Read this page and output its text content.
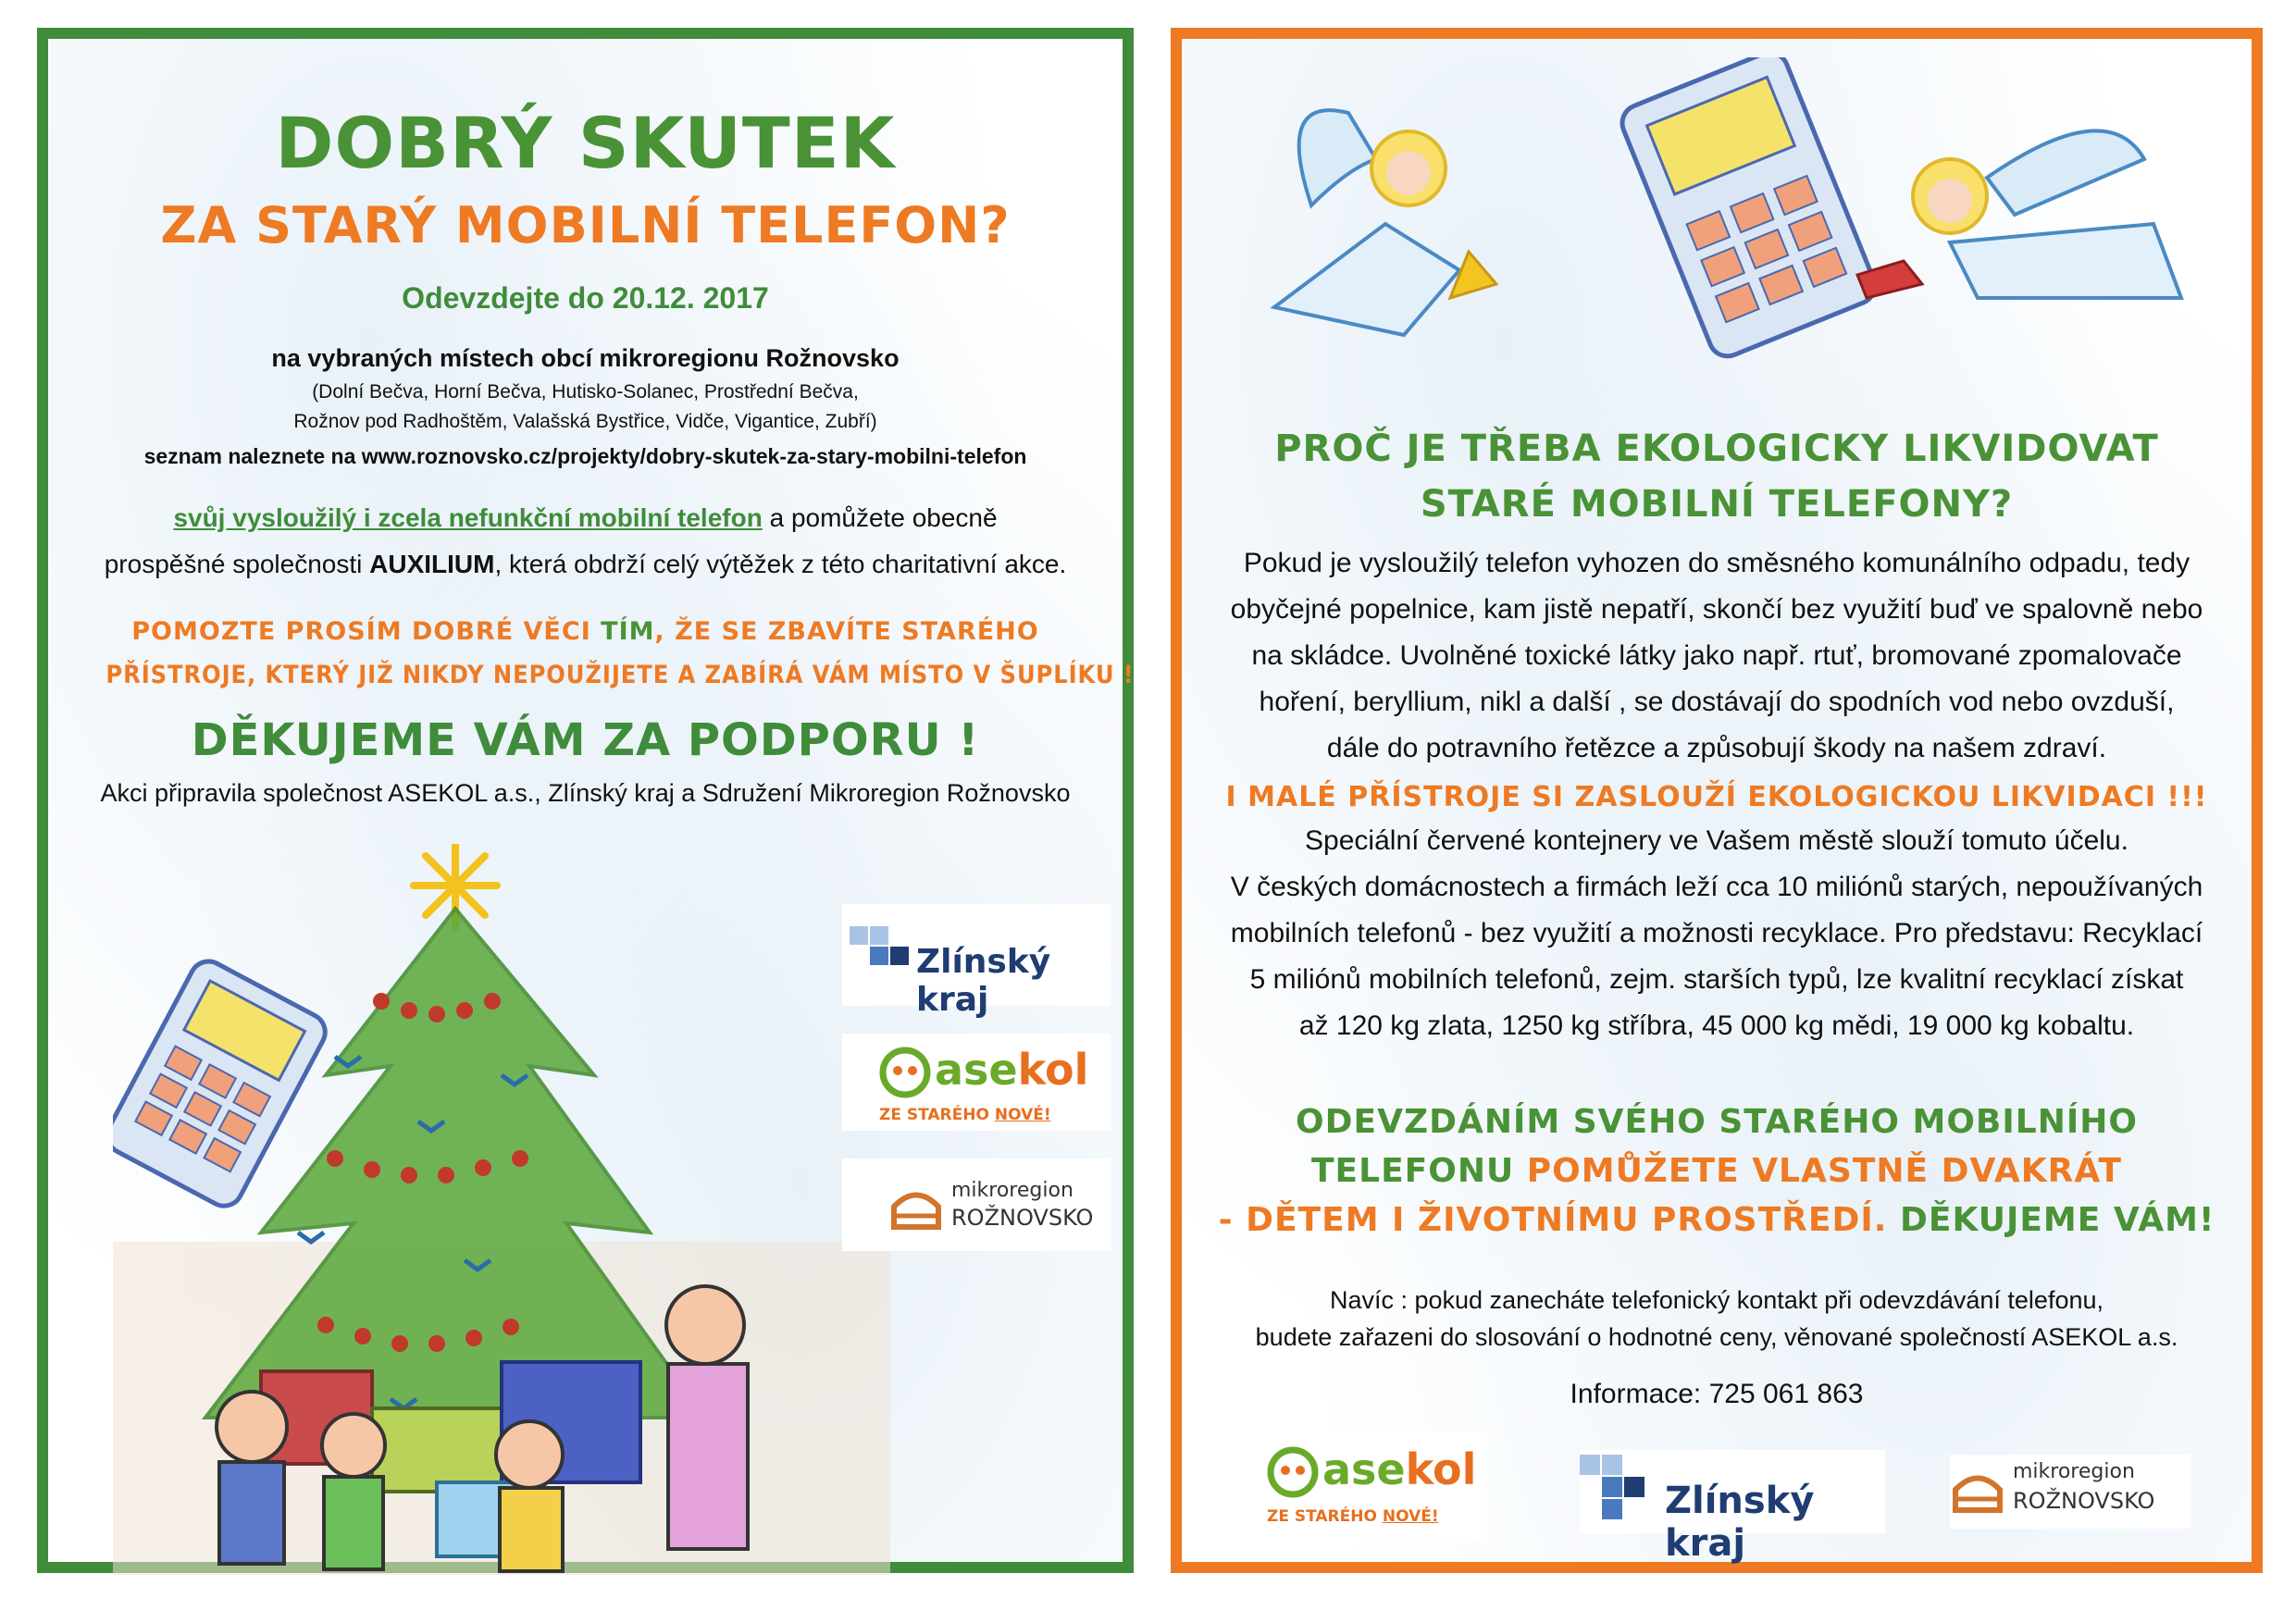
DOBRÝ SKUTEK
ZA STARÝ MOBILNÍ TELEFON?
Odevzdejte do 20.12. 2017
na vybraných místech obcí mikroregionu Rožnovsko
(Dolní Bečva, Horní Bečva, Hutisko-Solanec, Prostřední Bečva,
Rožnov pod Radhoštěm, Valašská Bystřice, Vidče, Vigantice, Zubří)
seznam naleznete na www.roznovsko.cz/projekty/dobry-skutek-za-stary-mobilni-telefon
svůj vysloužilý i zcela nefunkční mobilní telefon a pomůžete obecně
prospěšné společnosti AUXILIUM, která obdrží celý výtěžek z této charitativní akce.
POMOZTE PROSÍM DOBRÉ VĚCI TÍM, ŽE SE ZBAVÍTE STARÉHO
PŘÍSTROJE, KTERÝ JIŽ NIKDY NEPOUŽIJETE A ZABÍRÁ VÁM MÍSTO V ŠUPLÍKU !
DĚKUJEME VÁM ZA PODPORU !
Akci připravila společnost ASEKOL a.s., Zlínský kraj a Sdružení Mikroregion Rožnovsko
Zlínský kraj
asekol
ZE STARÉHO NOVÉ!
mikroregion
ROŽNOVSKO
PROČ JE TŘEBA EKOLOGICKY LIKVIDOVAT
STARÉ MOBILNÍ TELEFONY?
Pokud je vysloužilý telefon vyhozen do směsného komunálního odpadu, tedy
obyčejné popelnice, kam jistě nepatří, skončí bez využití buď ve spalovně nebo
na skládce. Uvolněné toxické látky jako např. rtuť, bromované zpomalovače
hoření, beryllium, nikl a další , se dostávají do spodních vod nebo ovzduší,
dále do potravního řetězce a způsobují škody na našem zdraví.
I MALÉ PŘÍSTROJE SI ZASLOUŽÍ EKOLOGICKOU LIKVIDACI !!!
Speciální červené kontejnery ve Vašem městě slouží tomuto účelu.
V českých domácnostech a firmách leží cca 10 miliónů starých, nepoužívaných
mobilních telefonů - bez využití a možnosti recyklace. Pro představu: Recyklací
5 miliónů mobilních telefonů, zejm. starších typů, lze kvalitní recyklací získat
až 120 kg zlata, 1250 kg stříbra, 45 000 kg mědi, 19 000 kg kobaltu.
ODEVZDÁNÍM SVÉHO STARÉHO MOBILNÍHO
TELEFONU POMŮŽETE VLASTNĚ DVAKRÁT
- DĚTEM I ŽIVOTNÍMU PROSTŘEDÍ. DĚKUJEME VÁM!
Navíc : pokud zanecháte telefonický kontakt při odevzdávání telefonu,
budete zařazeni do slosování o hodnotné ceny, věnované společností ASEKOL a.s.
Informace: 725 061 863
asekol
ZE STARÉHO NOVÉ!	Zlínský kraj
mikroregion
ROŽNOVSKO
